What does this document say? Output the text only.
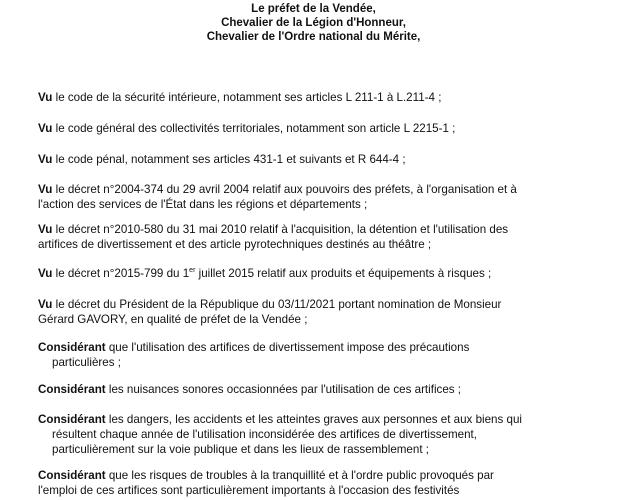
Le préfet de la Vendée,
Chevalier de la Légion d'Honneur,
Chevalier de l'Ordre national du Mérite,
Vu le code de la sécurité intérieure, notamment ses articles L 211-1 à L.211-4 ;
Vu le code général des collectivités territoriales, notamment son article L 2215-1 ;
Vu le code pénal, notamment ses articles 431-1 et suivants et R 644-4 ;
Vu le décret n°2004-374 du 29 avril 2004 relatif aux pouvoirs des préfets, à l'organisation et à
l'action des services de l'État dans les régions et départements ;
Vu le décret n°2010-580 du 31 mai 2010 relatif à l'acquisition, la détention et l'utilisation des
artifices de divertissement et des article pyrotechniques destinés au théâtre ;
Vu le décret n°2015-799 du 1er juillet 2015 relatif aux produits et équipements à risques ;
Vu le décret du Président de la République du 03/11/2021 portant nomination de Monsieur
Gérard GAVORY, en qualité de préfet de la Vendée ;
Considérant que l'utilisation des artifices de divertissement impose des précautions
particulières ;
Considérant les nuisances sonores occasionnées par l'utilisation de ces artifices ;
Considérant les dangers, les accidents et les atteintes graves aux personnes et aux biens qui
résultent chaque année de l'utilisation inconsidérée des artifices de divertissement,
particulièrement sur la voie publique et dans les lieux de rassemblement ;
Considérant que les risques de troubles à la tranquillité et à l'ordre public provoqués par
l'emploi de ces artifices sont particulièrement importants à l'occasion des festivités
